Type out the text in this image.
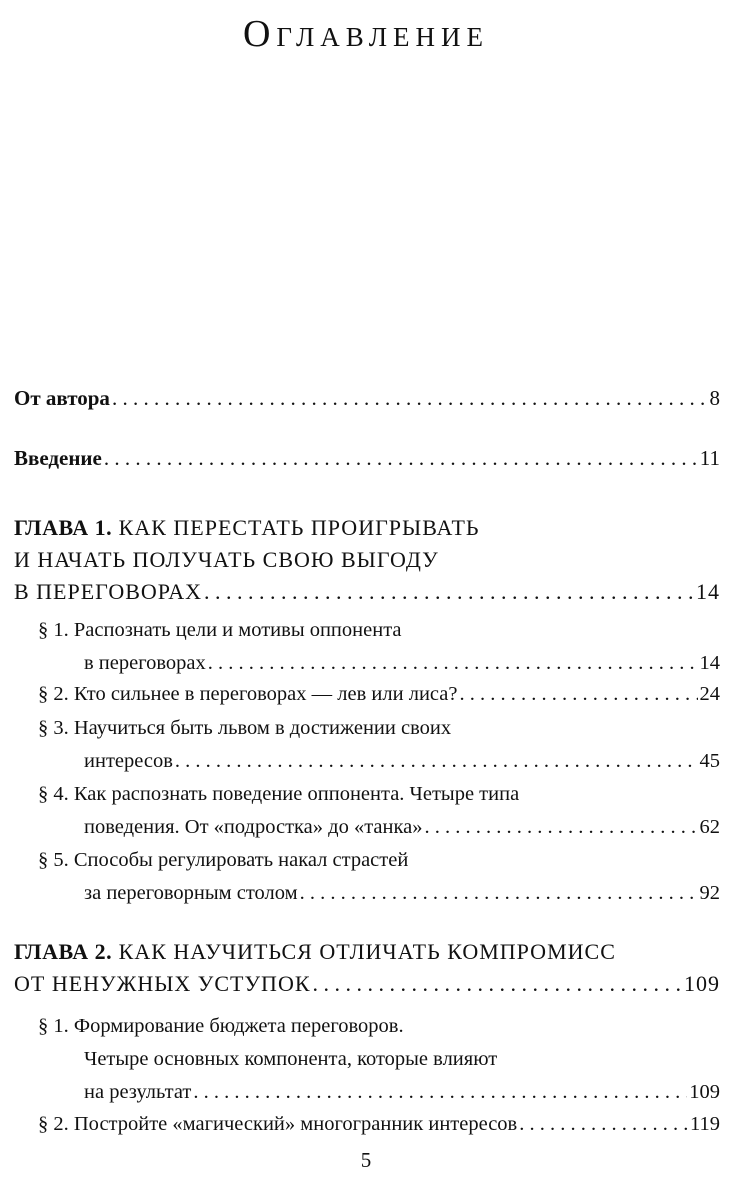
Оглавление
От автора . . .	8
Введение . . .	11
ГЛАВА 1. КАК ПЕРЕСТАТЬ ПРОИГРЫВАТЬ
И НАЧАТЬ ПОЛУЧАТЬ СВОЮ ВЫГОДУ
В ПЕРЕГОВОРАХ . . .	14
§ 1. Распознать цели и мотивы оппонента
в переговорах . . .	14
§ 2. Кто сильнее в переговорах — лев или лиса? . . .	24
§ 3. Научиться быть львом в достижении своих
интересов . . .	45
§ 4. Как распознать поведение оппонента. Четыре типа
поведения. От «подростка» до «танка» . . .	62
§ 5. Способы регулировать накал страстей
за переговорным столом . . .	92
ГЛАВА 2. КАК НАУЧИТЬСЯ ОТЛИЧАТЬ КОМПРОМИСС
ОТ НЕНУЖНЫХ УСТУПОК . . .	109
§ 1. Формирование бюджета переговоров.
Четыре основных компонента, которые влияют
на результат . . .	109
§ 2. Постройте «магический» многогранник интересов . . .	119
5
